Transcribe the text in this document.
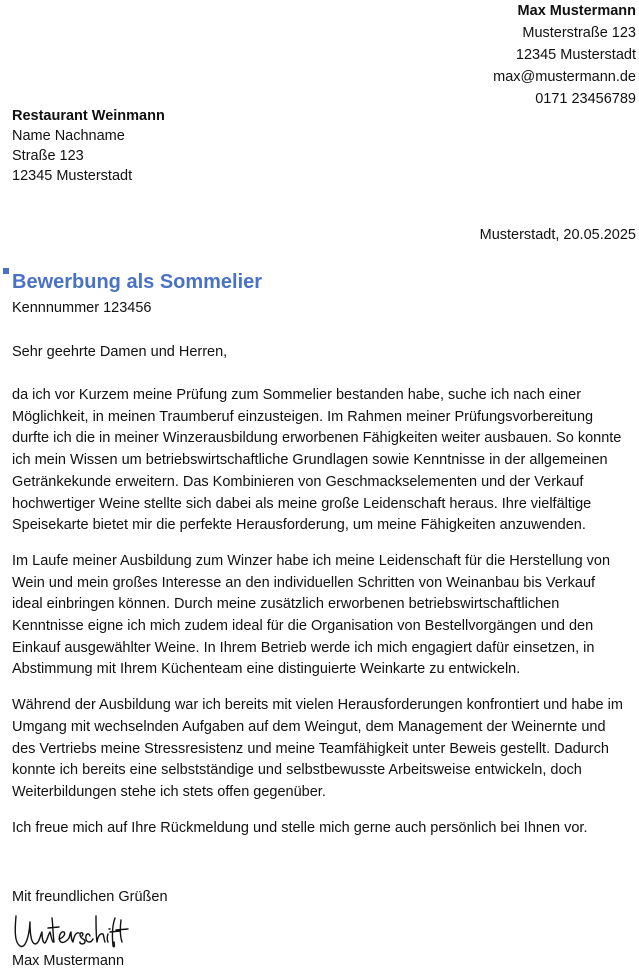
Max Mustermann
Musterstraße 123
12345 Musterstadt
max@mustermann.de
0171 23456789
Restaurant Weinmann
Name Nachname
Straße 123
12345 Musterstadt
Musterstadt, 20.05.2025
Bewerbung als Sommelier
Kennnummer 123456
Sehr geehrte Damen und Herren,

da ich vor Kurzem meine Prüfung zum Sommelier bestanden habe, suche ich nach einer Möglichkeit, in meinen Traumberuf einzusteigen. Im Rahmen meiner Prüfungsvorbereitung durfte ich die in meiner Winzerausbildung erworbenen Fähigkeiten weiter ausbauen. So konnte ich mein Wissen um betriebswirtschaftliche Grundlagen sowie Kenntnisse in der allgemeinen Getränkekunde erweitern. Das Kombinieren von Geschmackselementen und der Verkauf hochwertiger Weine stellte sich dabei als meine große Leidenschaft heraus. Ihre vielfältige Speisekarte bietet mir die perfekte Herausforderung, um meine Fähigkeiten anzuwenden.

Im Laufe meiner Ausbildung zum Winzer habe ich meine Leidenschaft für die Herstellung von Wein und mein großes Interesse an den individuellen Schritten von Weinanbau bis Verkauf ideal einbringen können. Durch meine zusätzlich erworbenen betriebswirtschaftlichen Kenntnisse eigne ich mich zudem ideal für die Organisation von Bestellvorgängen und den Einkauf ausgewählter Weine. In Ihrem Betrieb werde ich mich engagiert dafür einsetzen, in Abstimmung mit Ihrem Küchenteam eine distinguierte Weinkarte zu entwickeln.

Während der Ausbildung war ich bereits mit vielen Herausforderungen konfrontiert und habe im Umgang mit wechselnden Aufgaben auf dem Weingut, dem Management der Weinernte und des Vertriebs meine Stressresistenz und meine Teamfähigkeit unter Beweis gestellt. Dadurch konnte ich bereits eine selbstständige und selbstbewusste Arbeitsweise entwickeln, doch Weiterbildungen stehe ich stets offen gegenüber.

Ich freue mich auf Ihre Rückmeldung und stelle mich gerne auch persönlich bei Ihnen vor.

Mit freundlichen Grüßen
Max Mustermann
